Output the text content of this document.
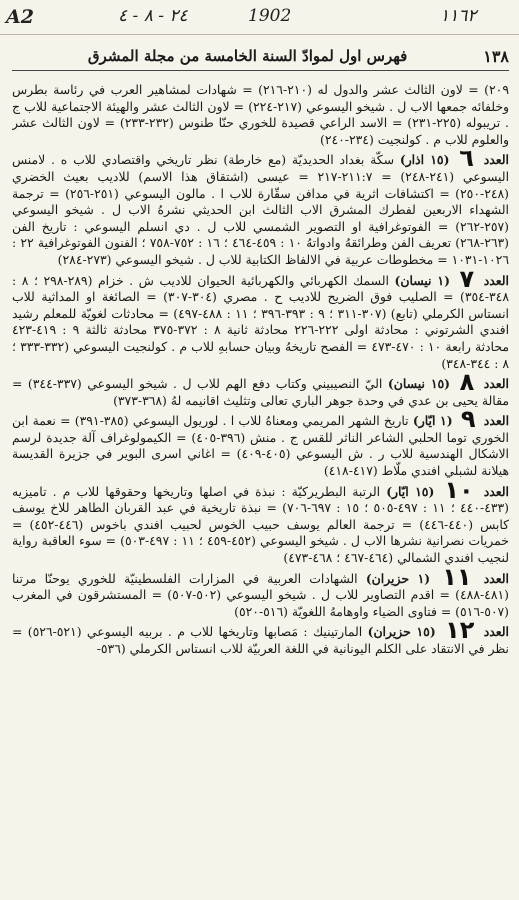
A2	٢٤ - ٨ - ٤	1902	١١٦٢
١٣٨
فهرس اول لموادّ السنة الخامسة من مجلة المشرق

٢٠٩) = لاون الثالث عشر والدول له (٢١٠-٢١٦) = شهادات لمشاهير العرب في رئاسة بطرس وخلفائه جمعها الاب ل . شيخو اليسوعي (٢١٧-٢٢٤) = لاون الثالث عشر والهيئة الاجتماعية للاب ج . تريبوله (٢٢٥-٢٣١) = الاسد الراعي قصيدة للخوري حنّا طنوس (٢٣٢-٢٣٣) = لاون الثالث عشر والعلوم للاب م . كولنجيت (٢٣٤-٢٤٠)

العدد ٦ (١٥ اذار) سكّة بغداد الحديديّة (مع خارطة) نظر تاريخي واقتصادي للاب ه . لامنس اليسوعي (٢٤١-٢٤٨) = ٢١١:٧-٢١٧ = عيسى (اشتقاق هذا الاسم) للاديب بعيث الخضري (٢٤٨-٢٥٠) = اكتشافات اثرية في مدافن سقّارة للاب ا . مالون اليسوعي (٢٥١-٢٥٦) = ترجمة الشهداء الاربعين لفطرك المشرق الاب الثالث ابن الحديثي نشرهُ الاب ل . شيخو اليسوعي (٢٥٧-٢٦٢) = الفوتوغرافية او التصوير الشمسي للاب ل . دي انسلم اليسوعي : تاريخ الفن (٢٦٣-٢٦٨) تعريف الفن وطرائقهُ وادواتهُ ١٠ : ٤٥٩-٤٦٤ ؛ ١٦ : ٧٥٢-٧٥٨ ؛ الفنون الفوتوغرافية ٢٢ : ١٠٢٦-١٠٣١ = مخطوطات عربية في الالفاظ الكتابية للاب ل . شيخو اليسوعي (٢٧٣-٢٨٤)

العدد ٧ (١ نيسان) السمك الكهربائي والكهربائية الحيوان للاديب ش . خزام (٢٨٩-٢٩٨ ؛ ٨ : ٣٤٨-٣٥٤) = الصليب فوق الضريح للاديب ح . مصري (٣٠٤-٣٠٧) = الصائغة او المداثية للاب انستاس الكرملي (تابع) (٣٠٧-٣١١ ؛ ٩ : ٣٩٣-٣٩٦ ؛ ١١ : ٤٨٨-٤٩٧) = محادثات لغويّة للمعلم رشيد افندي الشرتوني : محادثة اولى ٢٢٢-٢٢٦ محادثة ثانية ٨ : ٣٧٢-٣٧٥ محادثة ثالثة ٩ : ٤١٩-٤٢٣ محادثة رابعة ١٠ : ٤٧٠-٤٧٣ = الفصح تاريخهُ وبيان حسابهِ للاب م . كولنجيت اليسوعي (٣٣٢-٣٣٣ ؛ ٨ : ٣٤٤-٣٤٨)

العدد ٨ (١٥ نيسان) اليّ النصيبيني وكتاب دفع الهم للاب ل . شيخو اليسوعي (٣٣٧-٣٤٤) = مقالة يحيى بن عدي في وحدة جوهر الباري تعالى وتثليث اقانيمه لهُ (٣٦٨-٣٧٣)

العدد ٩ (١ ايّار) تاريخ الشهر المريمي ومعناهُ للاب ا . لوريول اليسوعي (٣٨٥-٣٩١) = نعمة ابن الخوري توما الحلبي الشاعر الناثر للقس ج . منش (٣٩٦-٤٠٥) = الكيمولوغراف آلة جديدة لرسم الاشكال الهندسية للاب ر . ش اليسوعي (٤٠٥-٤٠٩) = اغاني اسرى البوير في جزيرة القديسة هيلانة لشبلي افندي ملّاط (٤١٧-٤١٨)

العدد ١٠ (١٥ ايّار) الرتبة البطريركيّة : نبذة في اصلها وتاريخها وحقوقها للاب م . تاميزيه (٤٣٣-٤٤٠ ؛ ١١ : ٤٩٧-٥٠٥ ؛ ١٥ : ٦٩٧-٧٠٦) = نبذة تاريخية في عبد القربان الطاهر للاخ يوسف كابس (٤٤٠-٤٤٦) = ترجمة العالم يوسف حبيب الخوس لحبيب افندي باخوس (٤٤٦-٤٥٢) = خمريات نصرانية نشرها الاب ل . شيخو اليسوعي (٤٥٢-٤٥٩ ؛ ١١ : ٤٩٧-٥٠٣) = سوء العاقبة رواية لنجيب افندي الشمالي (٤٦٤-٤٦٧ ؛ ٤٦٨-٤٧٣)

العدد ١١ (١ حزيران) الشهادات العربية في المزارات الفلسطينيّة للخوري يوحنّا مرتنا (٤٨١-٤٨٨) = اقدم التصاوير للاب ل . شيخو اليسوعي (٥٠٢-٥٠٧) = المستشرقون في المغرب (٥٠٧-٥١٦) = فتاوى الضياء واوهامهُ اللغويّة (٥١٦-٥٢٠)

العدد ١٢ (١٥ حزيران) المارتينيك : مَصابها وتاريخها للاب م . بربيه اليسوعي (٥٢١-٥٢٦) = نظر في الانتقاد على الكلم اليونانية في اللغة العربيّة للاب انستاس الكرملي (٥٣٦-
